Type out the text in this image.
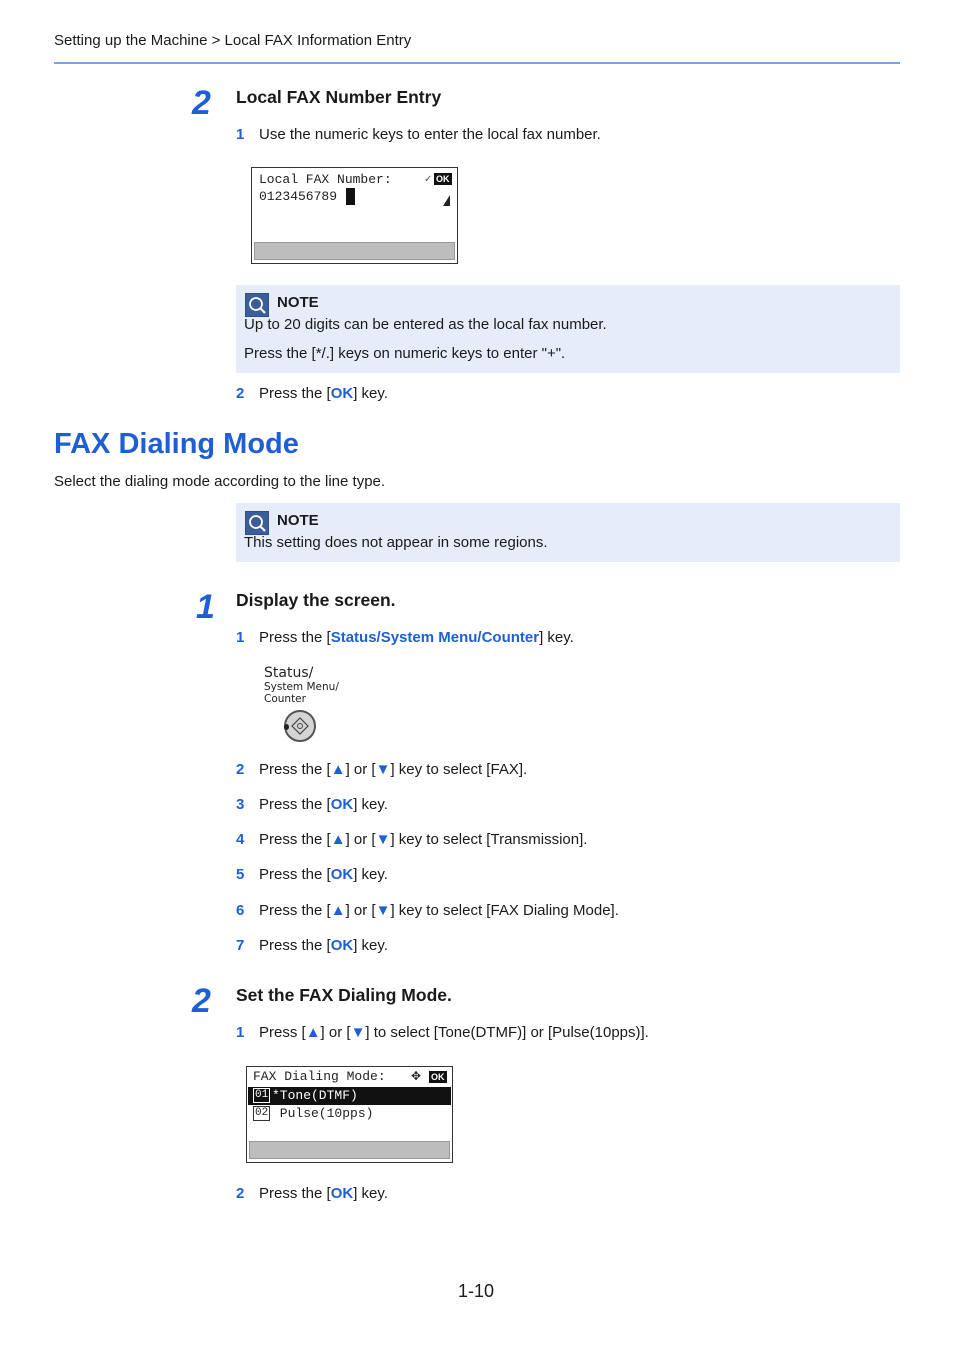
Setting up the Machine > Local FAX Information Entry
2 Local FAX Number Entry
1 Use the numeric keys to enter the local fax number.
Local FAX Number:	✓ OK
0123456789
NOTE
Up to 20 digits can be entered as the local fax number.
Press the [*/.] keys on numeric keys to enter "+".
2 Press the [OK] key.
FAX Dialing Mode
Select the dialing mode according to the line type.
NOTE
This setting does not appear in some regions.
1 Display the screen.
1 Press the [Status/System Menu/Counter] key.
Status/
System Menu/
Counter
2 Press the [▲] or [▼] key to select [FAX].
3 Press the [OK] key.
4 Press the [▲] or [▼] key to select [Transmission].
5 Press the [OK] key.
6 Press the [▲] or [▼] key to select [FAX Dialing Mode].
7 Press the [OK] key.
2 Set the FAX Dialing Mode.
1 Press [▲] or [▼] to select [Tone(DTMF)] or [Pulse(10pps)].
FAX Dialing Mode: ✥ OK
01 *Tone(DTMF)
02 Pulse(10pps)
2 Press the [OK] key.
1-10
